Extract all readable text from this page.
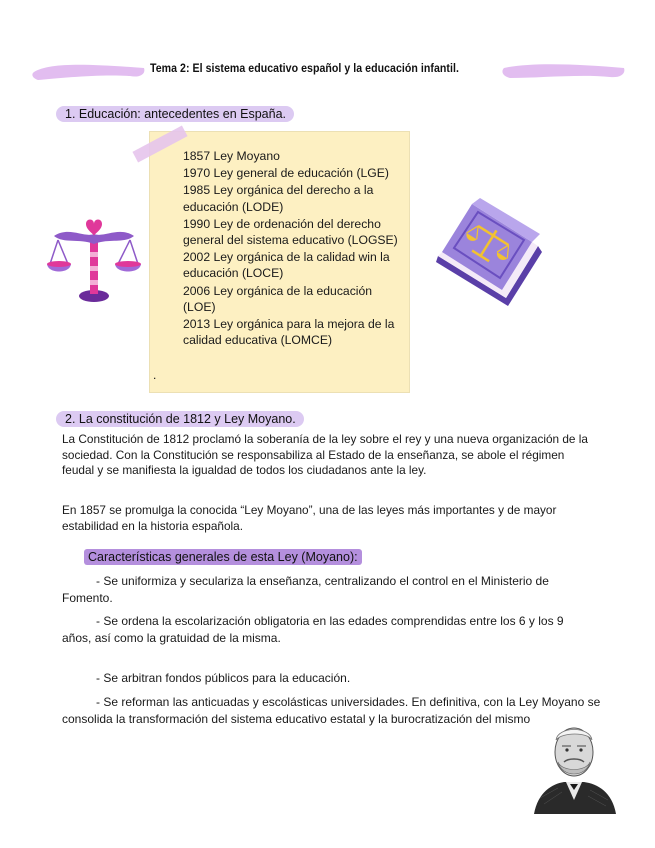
Tema 2: El sistema educativo español y la educación infantil.
1. Educación: antecedentes en España.
1857 Ley Moyano
1970 Ley general de educación (LGE)
1985 Ley orgánica del derecho a la educación (LODE)
1990 Ley de ordenación del derecho general del sistema educativo (LOGSE)
2002 Ley orgánica de la calidad win la educación (LOCE)
2006 Ley orgánica de la educación (LOE)
2013 Ley orgánica para la mejora de la calidad educativa (LOMCE)
.
2. La constitución de 1812 y Ley Moyano.
La Constitución de 1812 proclamó la soberanía de la ley sobre el rey y una nueva organización de la sociedad. Con la Constitución se responsabiliza al Estado de la enseñanza, se abole el régimen feudal y se manifiesta la igualdad de todos los ciudadanos ante la ley.
En 1857 se promulga la conocida “Ley Moyano”, una de las leyes más importantes y de mayor estabilidad en la historia española.
Características generales de esta Ley (Moyano):
- Se uniformiza y seculariza la enseñanza, centralizando el control en el Ministerio de Fomento.
- Se ordena la escolarización obligatoria en las edades comprendidas entre los 6 y los 9 años, así como la gratuidad de la misma.
- Se arbitran fondos públicos para la educación.
- Se reforman las anticuadas y escolásticas universidades. En definitiva, con la Ley Moyano se consolida la transformación del sistema educativo estatal y la burocratización del mismo
